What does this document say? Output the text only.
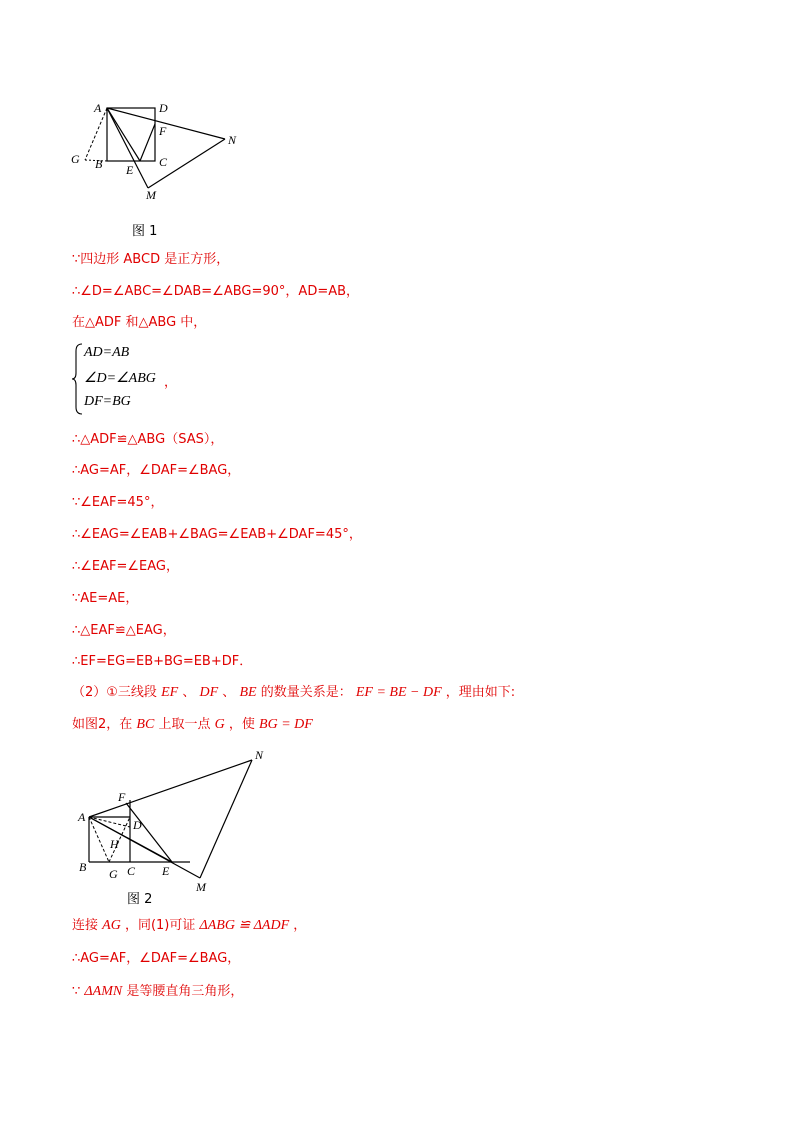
A	D
F
N
G B E
C
M
图 1
∵四边形 ABCD 是正方形，
∴∠D=∠ABC=∠DAB=∠ABG=90°，AD=AB，
在△ADF 和△ABG 中，
AD=AB
∠D=∠ABG
DF=BG
，
∴△ADF≌△ABG（SAS），
∴AG=AF，∠DAF=∠BAG，
∵∠EAF=45°，
∴∠EAG=∠EAB+∠BAG=∠EAB+∠DAF=45°，
∴∠EAF=∠EAG，
∵AE=AE，
∴△EAF≌△EAG，
∴EF=EG=EB+BG=EB+DF．
（2）①三线段 EF 、 DF 、 BE 的数量关系是： EF = BE − DF ，理由如下:
如图2，在 BC 上取一点 G ，使 BG = DF
N
F
A
D
H
B G C E
M
图 2
连接 AG ，同(1)可证 ΔABG ≌ ΔADF ，
∴AG=AF，∠DAF=∠BAG，
∵ ΔAMN 是等腰直角三角形，
